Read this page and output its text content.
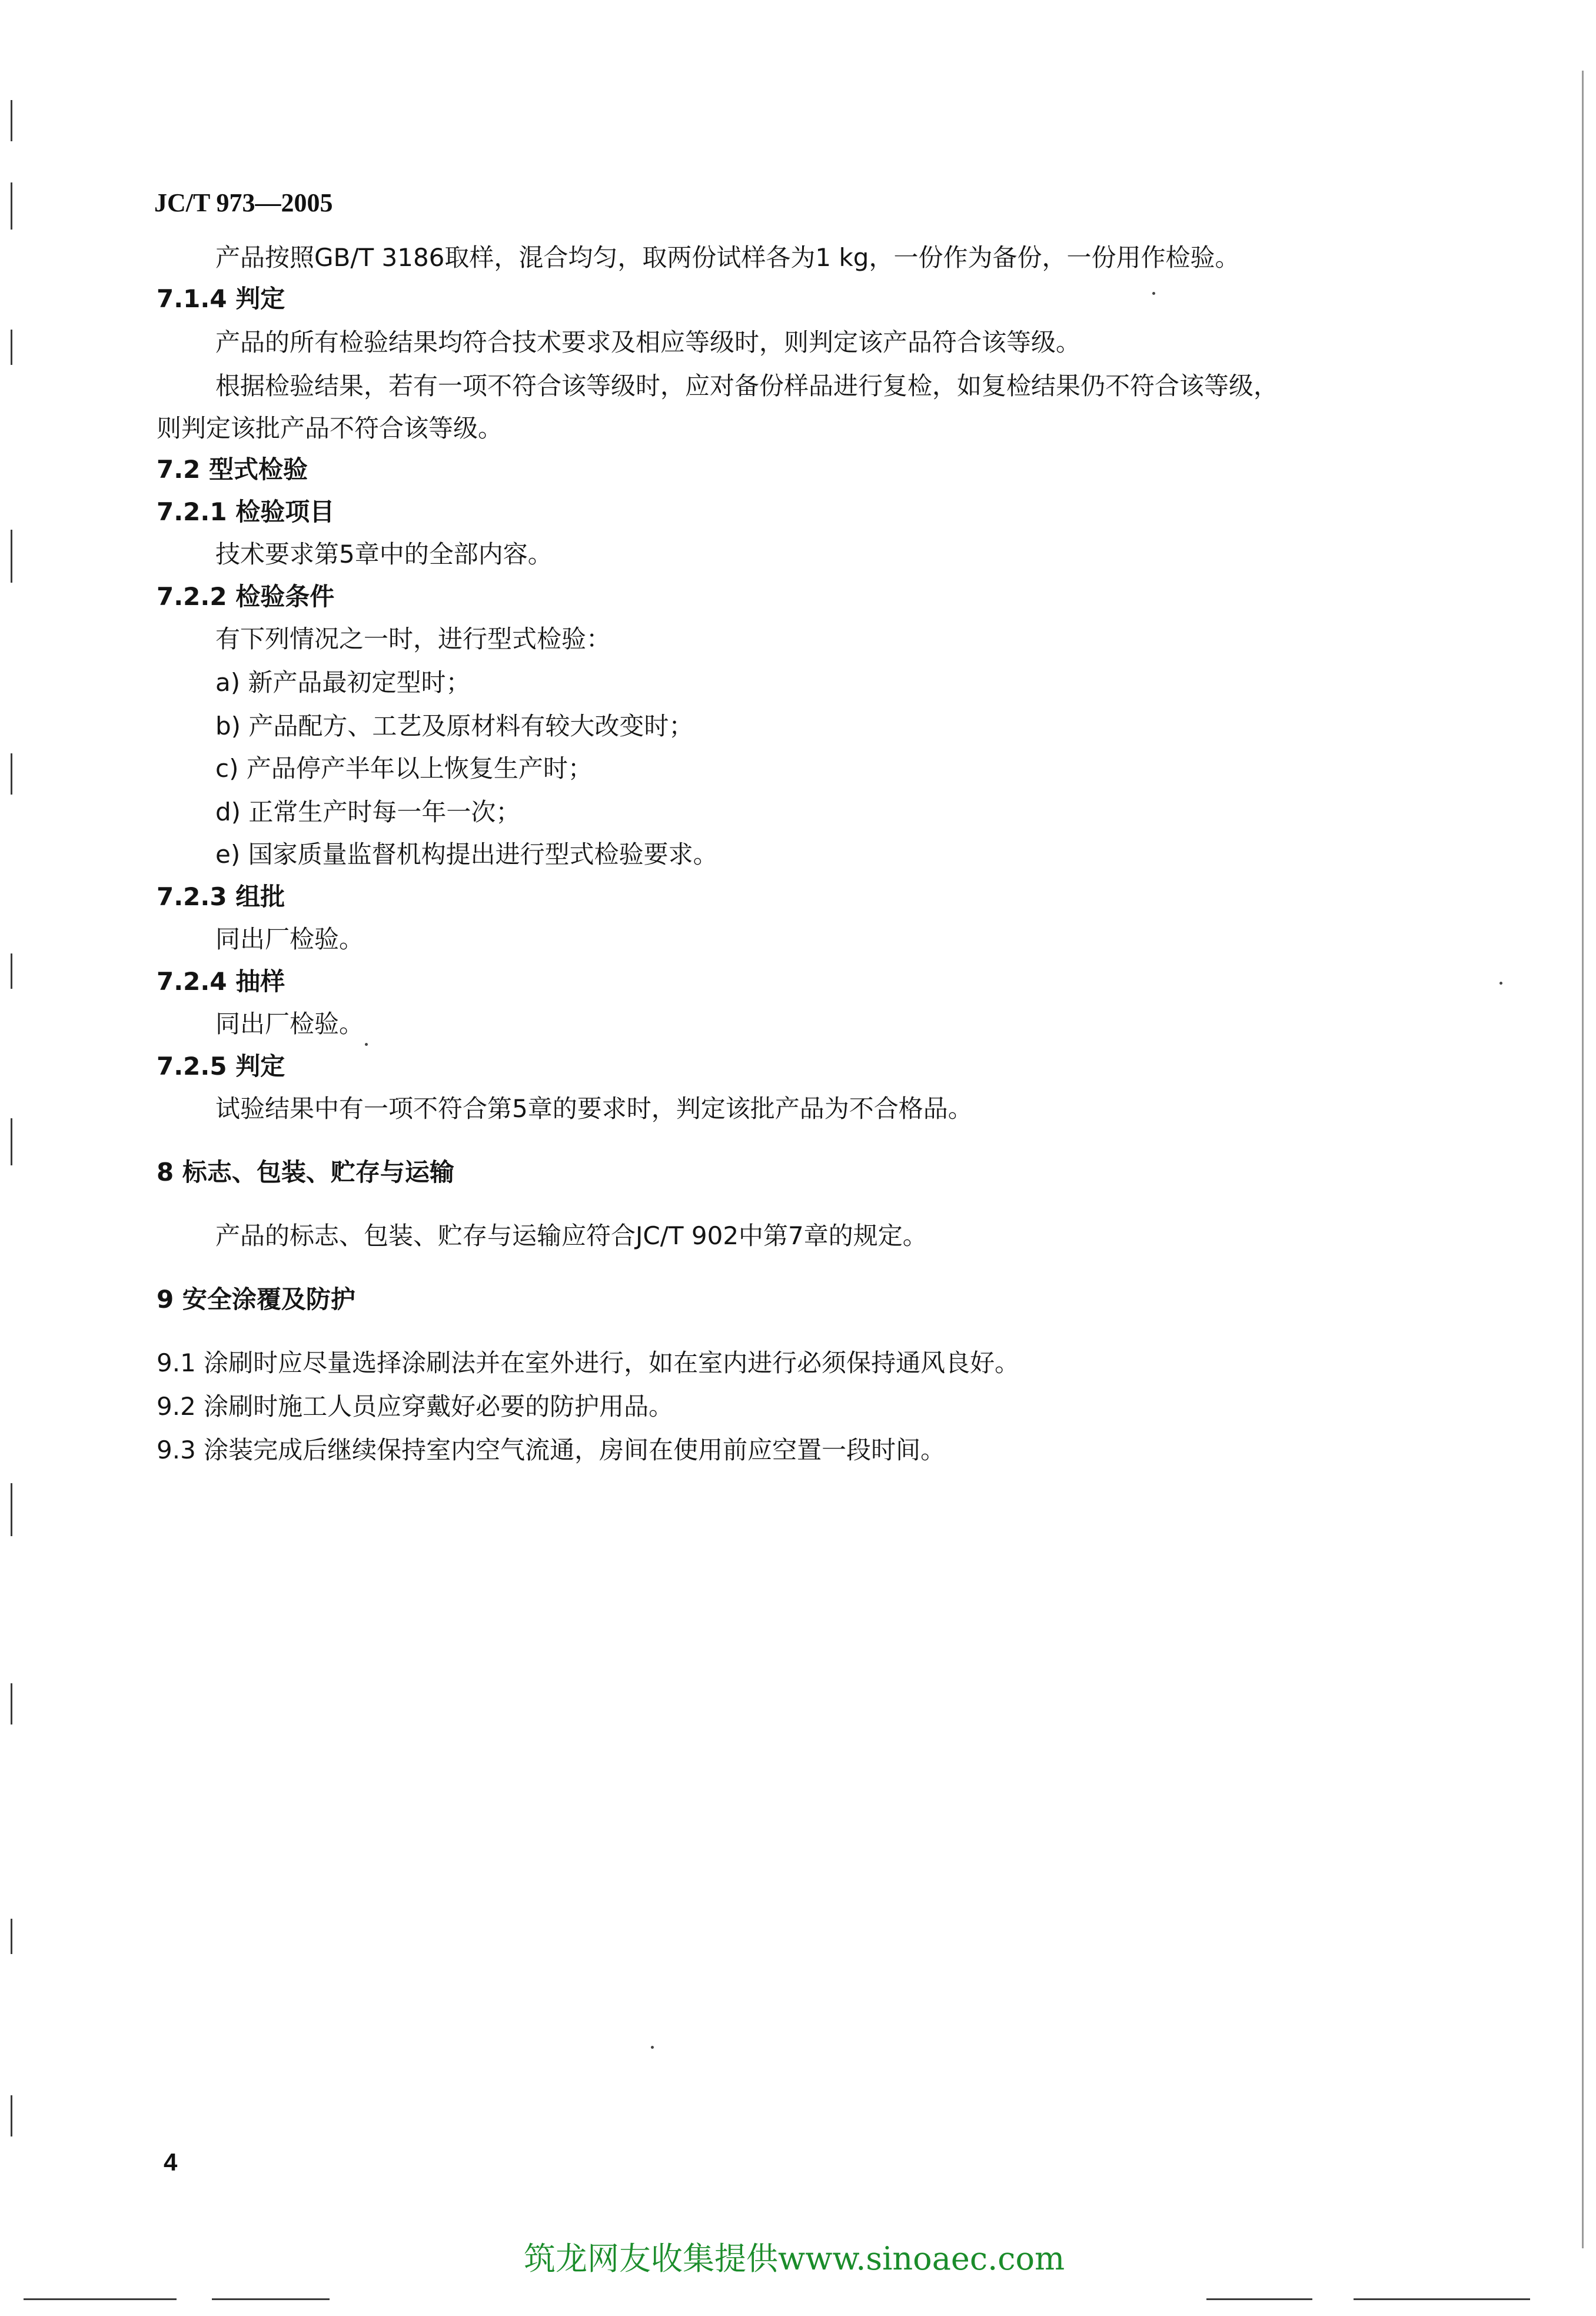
JC/T 973—2005
产品按照GB/T 3186取样，混合均匀，取两份试样各为1 kg，一份作为备份，一份用作检验。
7.1.4 判定
产品的所有检验结果均符合技术要求及相应等级时，则判定该产品符合该等级。
根据检验结果，若有一项不符合该等级时，应对备份样品进行复检，如复检结果仍不符合该等级，
则判定该批产品不符合该等级。
7.2 型式检验
7.2.1 检验项目
技术要求第5章中的全部内容。
7.2.2 检验条件
有下列情况之一时，进行型式检验：
a) 新产品最初定型时；
b) 产品配方、工艺及原材料有较大改变时；
c) 产品停产半年以上恢复生产时；
d) 正常生产时每一年一次；
e) 国家质量监督机构提出进行型式检验要求。
7.2.3 组批
同出厂检验。
7.2.4 抽样
同出厂检验。
7.2.5 判定
试验结果中有一项不符合第5章的要求时，判定该批产品为不合格品。
8 标志、包装、贮存与运输
产品的标志、包装、贮存与运输应符合JC/T 902中第7章的规定。
9 安全涂覆及防护
9.1 涂刷时应尽量选择涂刷法并在室外进行，如在室内进行必须保持通风良好。
9.2 涂刷时施工人员应穿戴好必要的防护用品。
9.3 涂装完成后继续保持室内空气流通，房间在使用前应空置一段时间。
4
筑龙网友收集提供www.sinoaec.com
